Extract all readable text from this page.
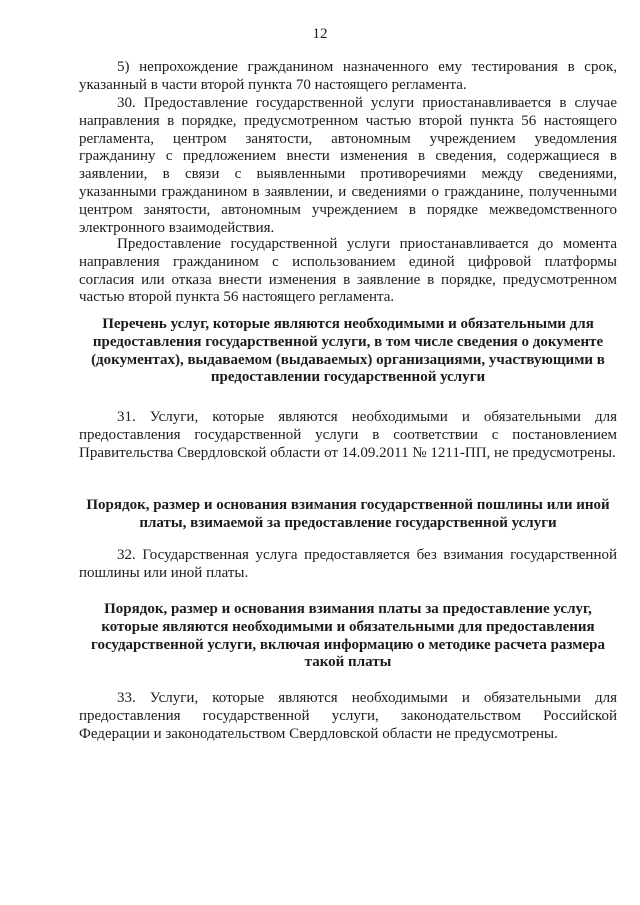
12

5) непрохождение гражданином назначенного ему тестирования в срок, указанный в части второй пункта 70 настоящего регламента.

30. Предоставление государственной услуги приостанавливается в случае направления в порядке, предусмотренном частью второй пункта 56 настоящего регламента, центром занятости, автономным учреждением уведомления гражданину с предложением внести изменения в сведения, содержащиеся в заявлении, в связи с выявленными противоречиями между сведениями, указанными гражданином в заявлении, и сведениями о гражданине, полученными центром занятости, автономным учреждением в порядке межведомственного электронного взаимодействия.

Предоставление государственной услуги приостанавливается до момента направления гражданином с использованием единой цифровой платформы согласия или отказа внести изменения в заявление в порядке, предусмотренном частью второй пункта 56 настоящего регламента.

Перечень услуг, которые являются необходимыми и обязательными для предоставления государственной услуги, в том числе сведения о документе (документах), выдаваемом (выдаваемых) организациями, участвующими в предоставлении государственной услуги

31. Услуги, которые являются необходимыми и обязательными для предоставления государственной услуги в соответствии с постановлением Правительства Свердловской области от 14.09.2011 № 1211-ПП, не предусмотрены.

Порядок, размер и основания взимания государственной пошлины или иной платы, взимаемой за предоставление государственной услуги

32. Государственная услуга предоставляется без взимания государственной пошлины или иной платы.

Порядок, размер и основания взимания платы за предоставление услуг, которые являются необходимыми и обязательными для предоставления государственной услуги, включая информацию о методике расчета размера такой платы

33. Услуги, которые являются необходимыми и обязательными для предоставления государственной услуги, законодательством Российской Федерации и законодательством Свердловской области не предусмотрены.
